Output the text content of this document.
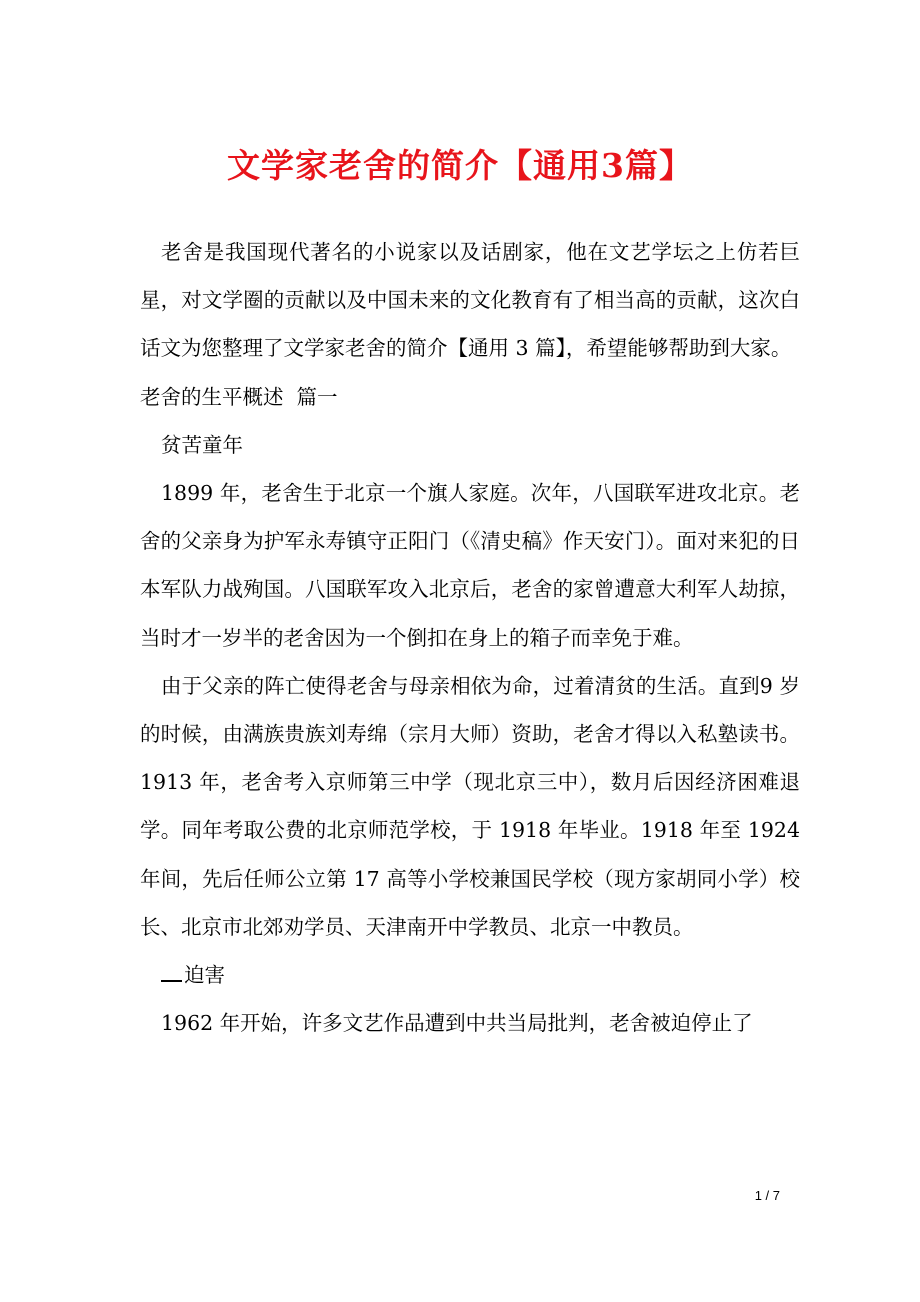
文学家老舍的简介【通用3篇】

老舍是我国现代著名的小说家以及话剧家，他在文艺学坛之上仿若巨星，对文学圈的贡献以及中国未来的文化教育有了相当高的贡献，这次白话文为您整理了文学家老舍的简介【通用 3 篇】，希望能够帮助到大家。

老舍的生平概述  篇一

贫苦童年

1899 年，老舍生于北京一个旗人家庭。次年，八国联军进攻北京。老舍的父亲身为护军永寿镇守正阳门（《清史稿》作天安门）。面对来犯的日本军队力战殉国。八国联军攻入北京后，老舍的家曾遭意大利军人劫掠，当时才一岁半的老舍因为一个倒扣在身上的箱子而幸免于难。

由于父亲的阵亡使得老舍与母亲相依为命，过着清贫的生活。直到9 岁的时候，由满族贵族刘寿绵（宗月大师）资助，老舍才得以入私塾读书。1913 年，老舍考入京师第三中学（现北京三中），数月后因经济困难退学。同年考取公费的北京师范学校，于 1918 年毕业。1918 年至 1924 年间，先后任师公立第 17 高等小学校兼国民学校（现方家胡同小学）校长、北京市北郊劝学员、天津南开中学教员、北京一中教员。

迫害

1962 年开始，许多文艺作品遭到中共当局批判，老舍被迫停止了

1 / 7
